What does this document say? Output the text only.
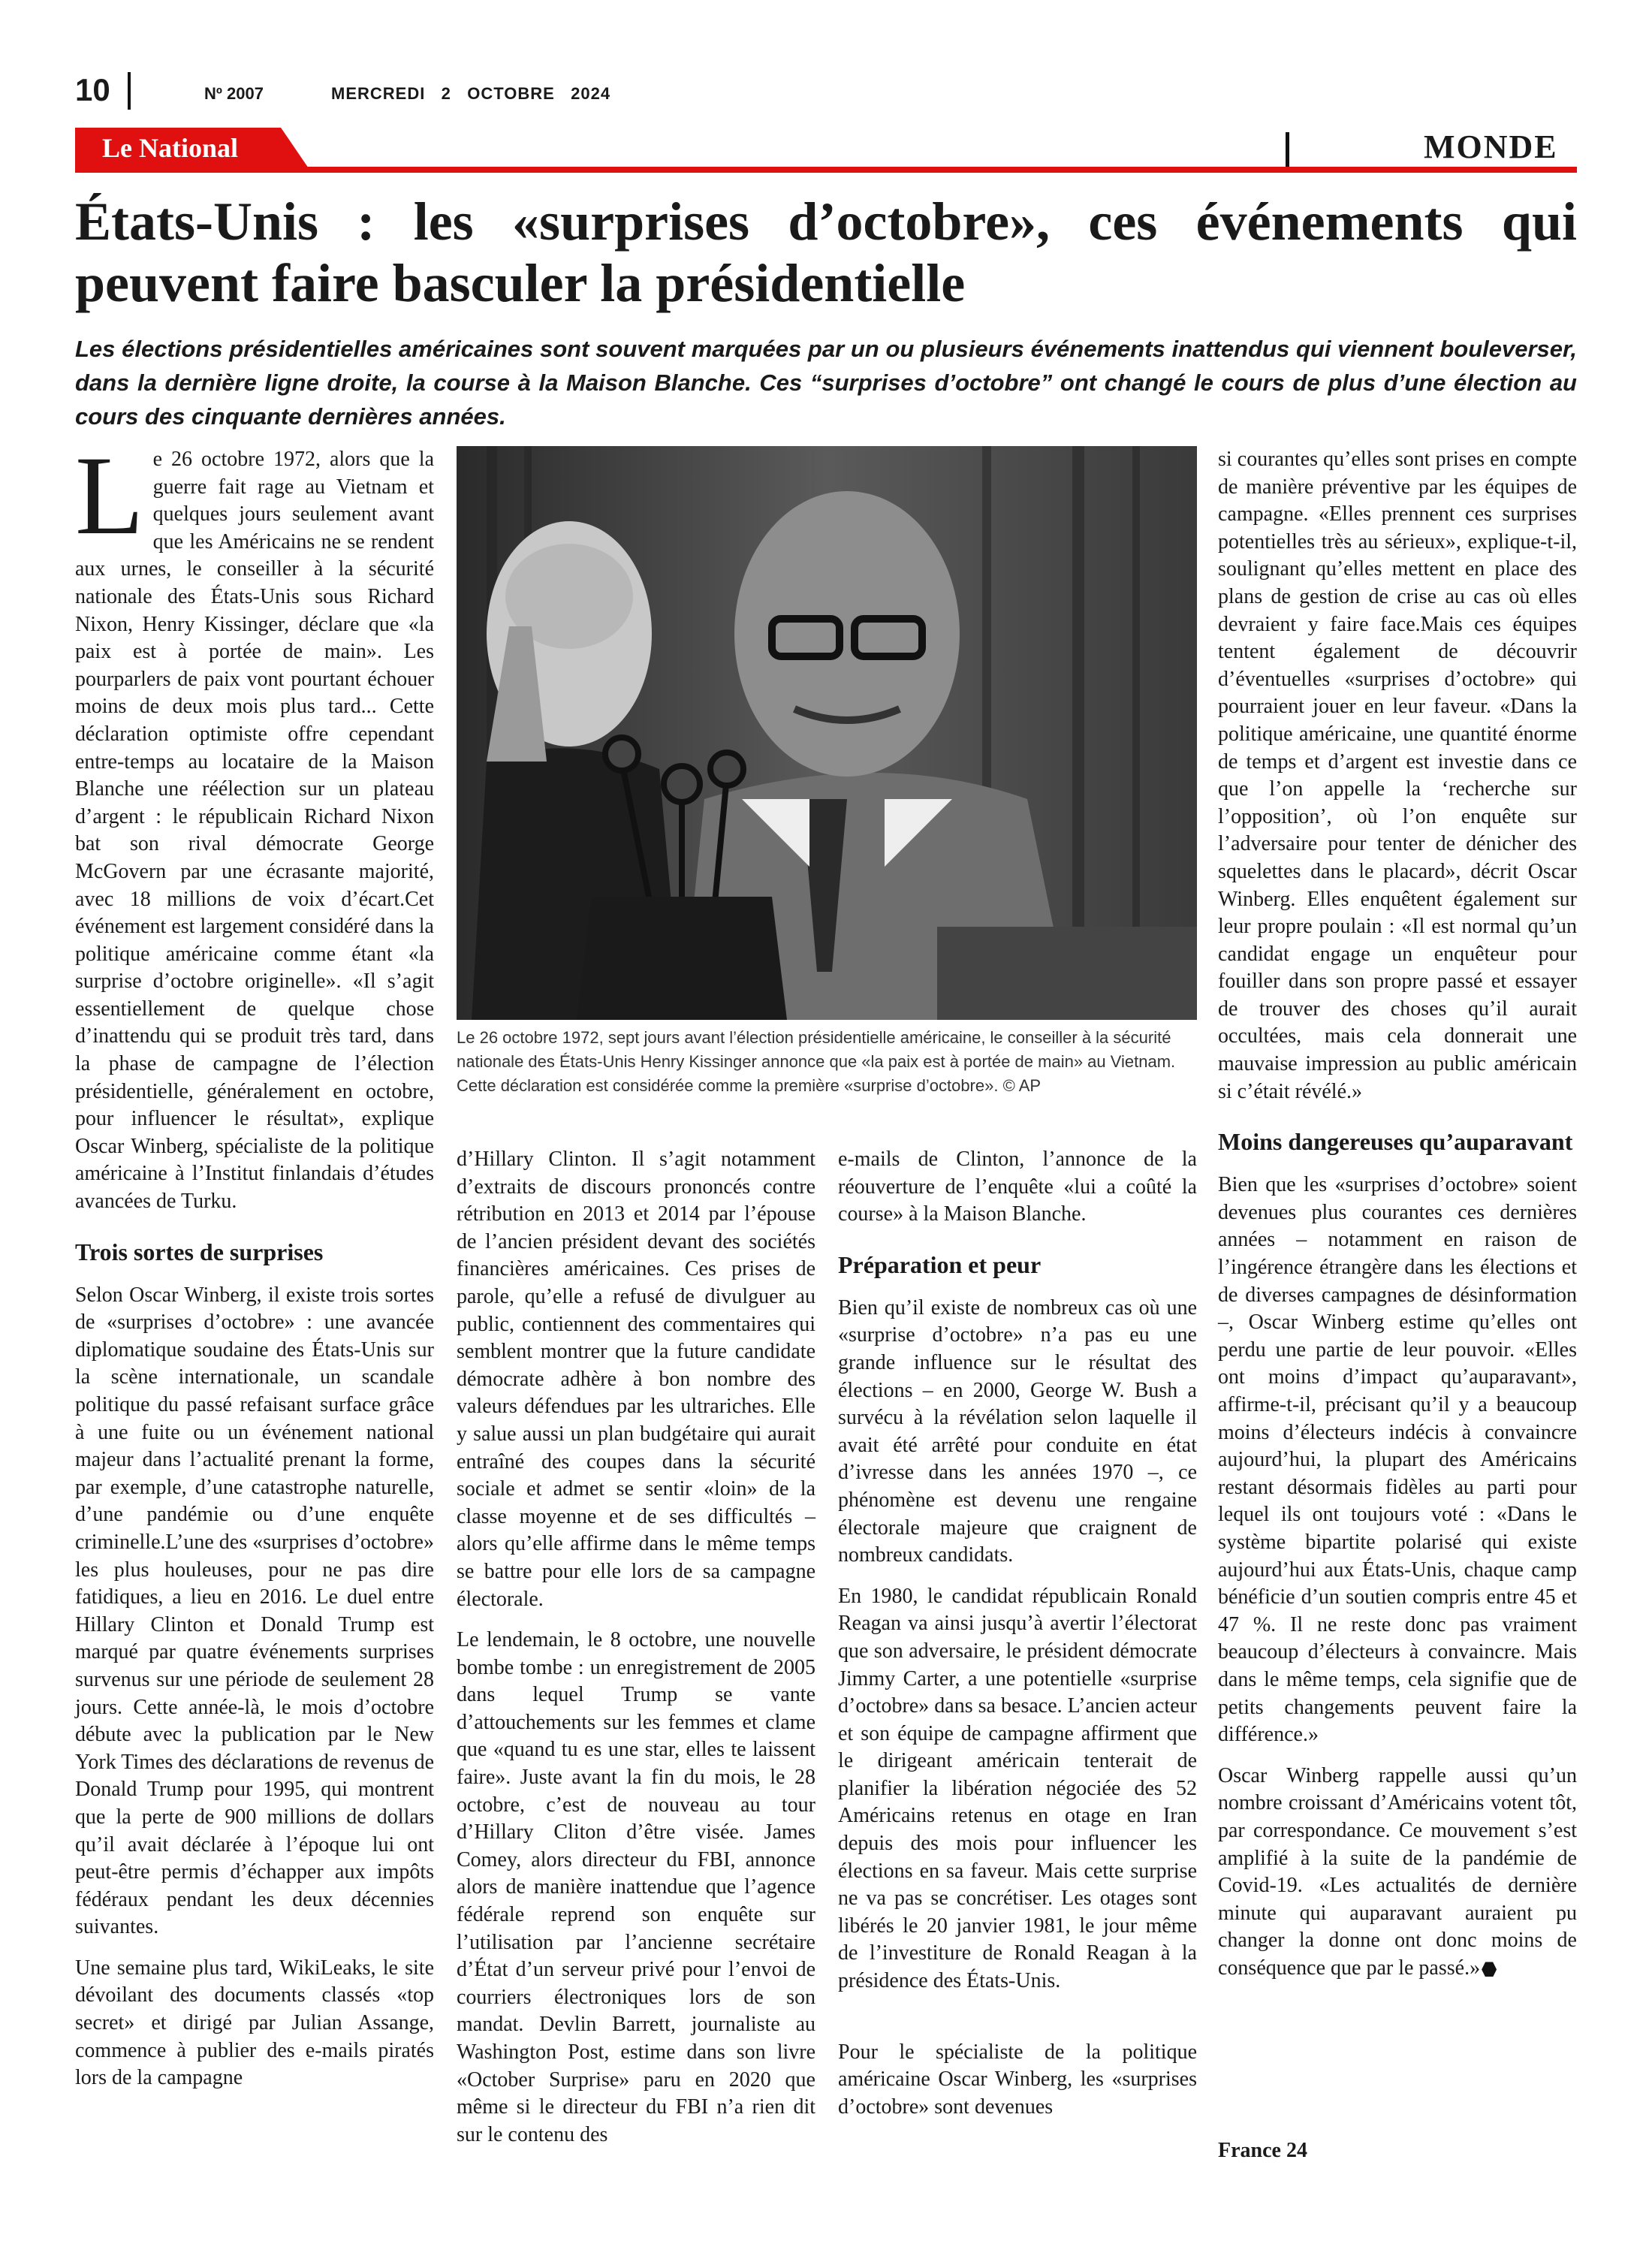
10	Nº 2007	MERCREDI   2   OCTOBRE   2024
Le National	MONDE
États-Unis : les «surprises d’octobre», ces événements qui peuvent faire basculer la présidentielle
Les élections présidentielles américaines sont souvent marquées par un ou plusieurs événements inattendus qui viennent bouleverser, dans la dernière ligne droite, la course à la Maison Blanche. Ces “surprises d’octobre” ont changé le cours de plus d’une élection au cours des cinquante dernières années.

Le 26 octobre 1972, alors que la guerre fait rage au Vietnam et quelques jours seulement avant que les Américains ne se rendent aux urnes, le conseiller à la sécurité nationale des États-Unis sous Richard Nixon, Henry Kissinger, déclare que «la paix est à portée de main». Les pourparlers de paix vont pourtant échouer moins de deux mois plus tard... Cette déclaration optimiste offre cependant entre-temps au locataire de la Maison Blanche une réélection sur un plateau d’argent : le républicain Richard Nixon bat son rival démocrate George McGovern par une écrasante majorité, avec 18 millions de voix d’écart.Cet événement est largement considéré dans la politique américaine comme étant «la surprise d’octobre originelle». «Il s’agit essentiellement de quelque chose d’inattendu qui se produit très tard, dans la phase de campagne de l’élection présidentielle, généralement en octobre, pour influencer le résultat», explique Oscar Winberg, spécialiste de la politique américaine à l’Institut finlandais d’études avancées de Turku.

Trois sortes de surprises

Selon Oscar Winberg, il existe trois sortes de «surprises d’octobre» : une avancée diplomatique soudaine des États-Unis sur la scène internationale, un scandale politique du passé refaisant surface grâce à une fuite ou un événement national majeur dans l’actualité prenant la forme, par exemple, d’une catastrophe naturelle, d’une pandémie ou d’une enquête criminelle.L’une des «surprises d’octobre» les plus houleuses, pour ne pas dire fatidiques, a lieu en 2016. Le duel entre Hillary Clinton et Donald Trump est marqué par quatre événements surprises survenus sur une période de seulement 28 jours. Cette année-là, le mois d’octobre débute avec la publication par le New York Times des déclarations de revenus de Donald Trump pour 1995, qui montrent que la perte de 900 millions de dollars qu’il avait déclarée à l’époque lui ont peut-être permis d’échapper aux impôts fédéraux pendant les deux décennies suivantes.

Une semaine plus tard, WikiLeaks, le site dévoilant des documents classés «top secret» et dirigé par Julian Assange, commence à publier des e-mails piratés lors de la campagne

Le 26 octobre 1972, sept jours avant l’élection présidentielle américaine, le conseiller à la sécurité nationale des États-Unis Henry Kissinger annonce que «la paix est à portée de main» au Vietnam. Cette déclaration est considérée comme la première «surprise d’octobre». © AP

d’Hillary Clinton. Il s’agit notamment d’extraits de discours prononcés contre rétribution en 2013 et 2014 par l’épouse de l’ancien président devant des sociétés financières américaines. Ces prises de parole, qu’elle a refusé de divulguer au public, contiennent des commentaires qui semblent montrer que la future candidate démocrate adhère à bon nombre des valeurs défendues par les ultrariches. Elle y salue aussi un plan budgétaire qui aurait entraîné des coupes dans la sécurité sociale et admet se sentir «loin» de la classe moyenne et de ses difficultés – alors qu’elle affirme dans le même temps se battre pour elle lors de sa campagne électorale.

Le lendemain, le 8 octobre, une nouvelle bombe tombe : un enregistrement de 2005 dans lequel Trump se vante d’attouchements sur les femmes et clame que «quand tu es une star, elles te laissent faire». Juste avant la fin du mois, le 28 octobre, c’est de nouveau au tour d’Hillary Cliton d’être visée. James Comey, alors directeur du FBI, annonce alors de manière inattendue que l’agence fédérale reprend son enquête sur l’utilisation par l’ancienne secrétaire d’État d’un serveur privé pour l’envoi de courriers électroniques lors de son mandat. Devlin Barrett, journaliste au Washington Post, estime dans son livre «October Surprise» paru en 2020 que même si le directeur du FBI n’a rien dit sur le contenu des

e-mails de Clinton, l’annonce de la réouverture de l’enquête «lui a coûté la course» à la Maison Blanche.

Préparation et peur

Bien qu’il existe de nombreux cas où une «surprise d’octobre» n’a pas eu une grande influence sur le résultat des élections – en 2000, George W. Bush a survécu à la révélation selon laquelle il avait été arrêté pour conduite en état d’ivresse dans les années 1970 –, ce phénomène est devenu une rengaine électorale majeure que craignent de nombreux candidats.

En 1980, le candidat républicain Ronald Reagan va ainsi jusqu’à avertir l’électorat que son adversaire, le président démocrate Jimmy Carter, a une potentielle «surprise d’octobre» dans sa besace. L’ancien acteur et son équipe de campagne affirment que le dirigeant américain tenterait de planifier la libération négociée des 52 Américains retenus en otage en Iran depuis des mois pour influencer les élections en sa faveur. Mais cette surprise ne va pas se concrétiser. Les otages sont libérés le 20 janvier 1981, le jour même de l’investiture de Ronald Reagan à la présidence des États-Unis.

Pour le spécialiste de la politique américaine Oscar Winberg, les «surprises d’octobre» sont devenues

si courantes qu’elles sont prises en compte de manière préventive par les équipes de campagne. «Elles prennent ces surprises potentielles très au sérieux», explique-t-il, soulignant qu’elles mettent en place des plans de gestion de crise au cas où elles devraient y faire face.Mais ces équipes tentent également de découvrir d’éventuelles «surprises d’octobre» qui pourraient jouer en leur faveur. «Dans la politique américaine, une quantité énorme de temps et d’argent est investie dans ce que l’on appelle la ‘recherche sur l’opposition’, où l’on enquête sur l’adversaire pour tenter de dénicher des squelettes dans le placard», décrit Oscar Winberg. Elles enquêtent également sur leur propre poulain : «Il est normal qu’un candidat engage un enquêteur pour fouiller dans son propre passé et essayer de trouver des choses qu’il aurait occultées, mais cela donnerait une mauvaise impression au public américain si c’était révélé.»

Moins dangereuses qu’auparavant

Bien que les «surprises d’octobre» soient devenues plus courantes ces dernières années – notamment en raison de l’ingérence étrangère dans les élections et de diverses campagnes de désinformation –, Oscar Winberg estime qu’elles ont perdu une partie de leur pouvoir. «Elles ont moins d’impact qu’auparavant», affirme-t-il, précisant qu’il y a beaucoup moins d’électeurs indécis à convaincre aujourd’hui, la plupart des Américains restant désormais fidèles au parti pour lequel ils ont toujours voté : «Dans le système bipartite polarisé qui existe aujourd’hui aux États-Unis, chaque camp bénéficie d’un soutien compris entre 45 et 47 %. Il ne reste donc pas vraiment beaucoup d’électeurs à convaincre. Mais dans le même temps, cela signifie que de petits changements peuvent faire la différence.»

Oscar Winberg rappelle aussi qu’un nombre croissant d’Américains votent tôt, par correspondance. Ce mouvement s’est amplifié à la suite de la pandémie de Covid-19. «Les actualités de dernière minute qui auparavant auraient pu changer la donne ont donc moins de conséquence que par le passé.»

France 24
